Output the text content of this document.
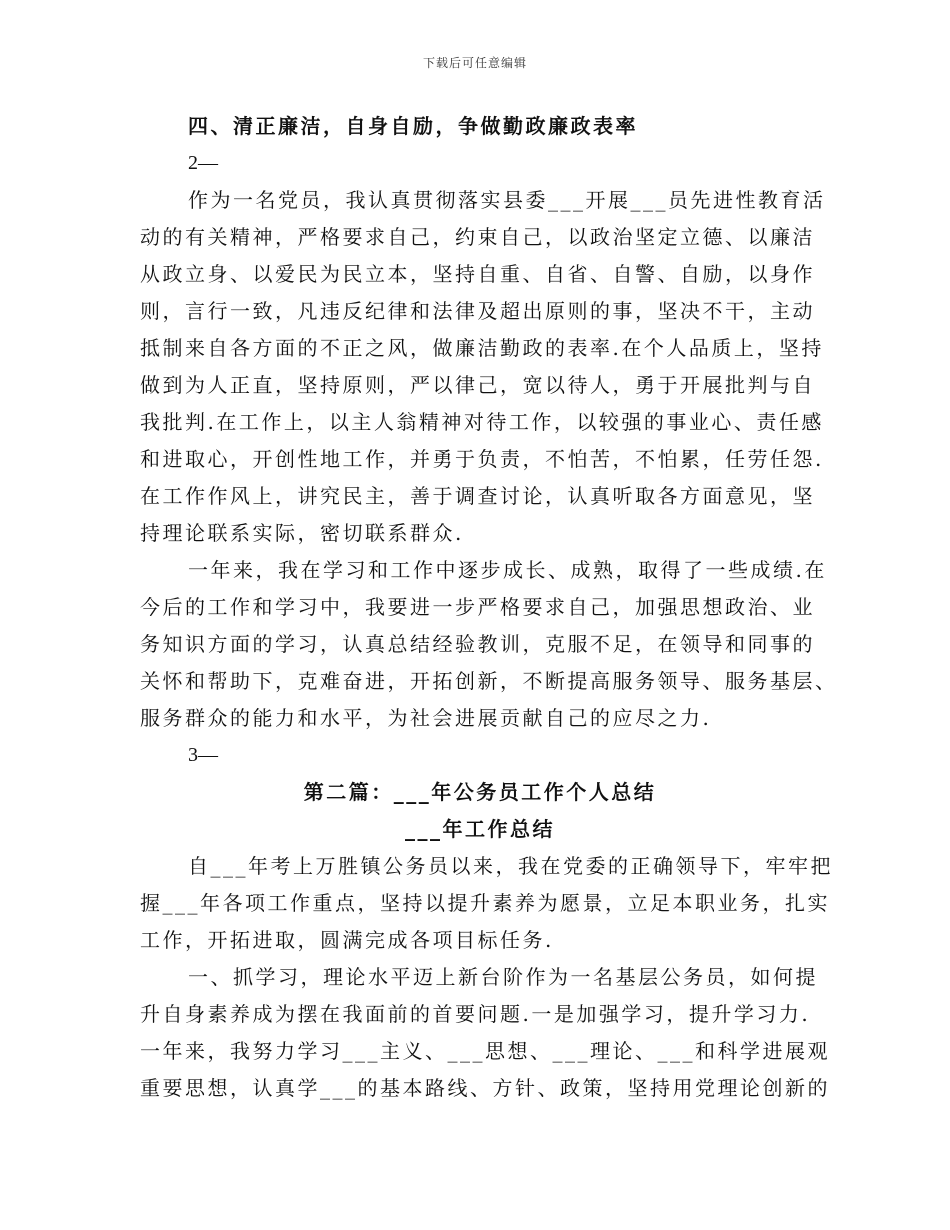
下载后可任意编辑
四、清正廉洁，自身自励，争做勤政廉政表率
2—
作为一名党员，我认真贯彻落实县委___开展___员先进性教育活
动的有关精神，严格要求自己，约束自己，以政治坚定立德、以廉洁
从政立身、以爱民为民立本，坚持自重、自省、自警、自励，以身作
则，言行一致，凡违反纪律和法律及超出原则的事，坚决不干，主动
抵制来自各方面的不正之风，做廉洁勤政的表率.在个人品质上，坚持
做到为人正直，坚持原则，严以律己，宽以待人，勇于开展批判与自
我批判.在工作上，以主人翁精神对待工作，以较强的事业心、责任感
和进取心，开创性地工作，并勇于负责，不怕苦，不怕累，任劳任怨.
在工作作风上，讲究民主，善于调查讨论，认真听取各方面意见，坚
持理论联系实际，密切联系群众.
一年来，我在学习和工作中逐步成长、成熟，取得了一些成绩.在
今后的工作和学习中，我要进一步严格要求自己，加强思想政治、业
务知识方面的学习，认真总结经验教训，克服不足，在领导和同事的
关怀和帮助下，克难奋进，开拓创新，不断提高服务领导、服务基层、
服务群众的能力和水平，为社会进展贡献自己的应尽之力.
3—
第二篇：___年公务员工作个人总结
___年工作总结
自___年考上万胜镇公务员以来，我在党委的正确领导下，牢牢把
握___年各项工作重点，坚持以提升素养为愿景，立足本职业务，扎实
工作，开拓进取，圆满完成各项目标任务.
一、抓学习，理论水平迈上新台阶作为一名基层公务员，如何提
升自身素养成为摆在我面前的首要问题.一是加强学习，提升学习力.
一年来，我努力学习___主义、___思想、___理论、___和科学进展观
重要思想，认真学___的基本路线、方针、政策，坚持用党理论创新的
